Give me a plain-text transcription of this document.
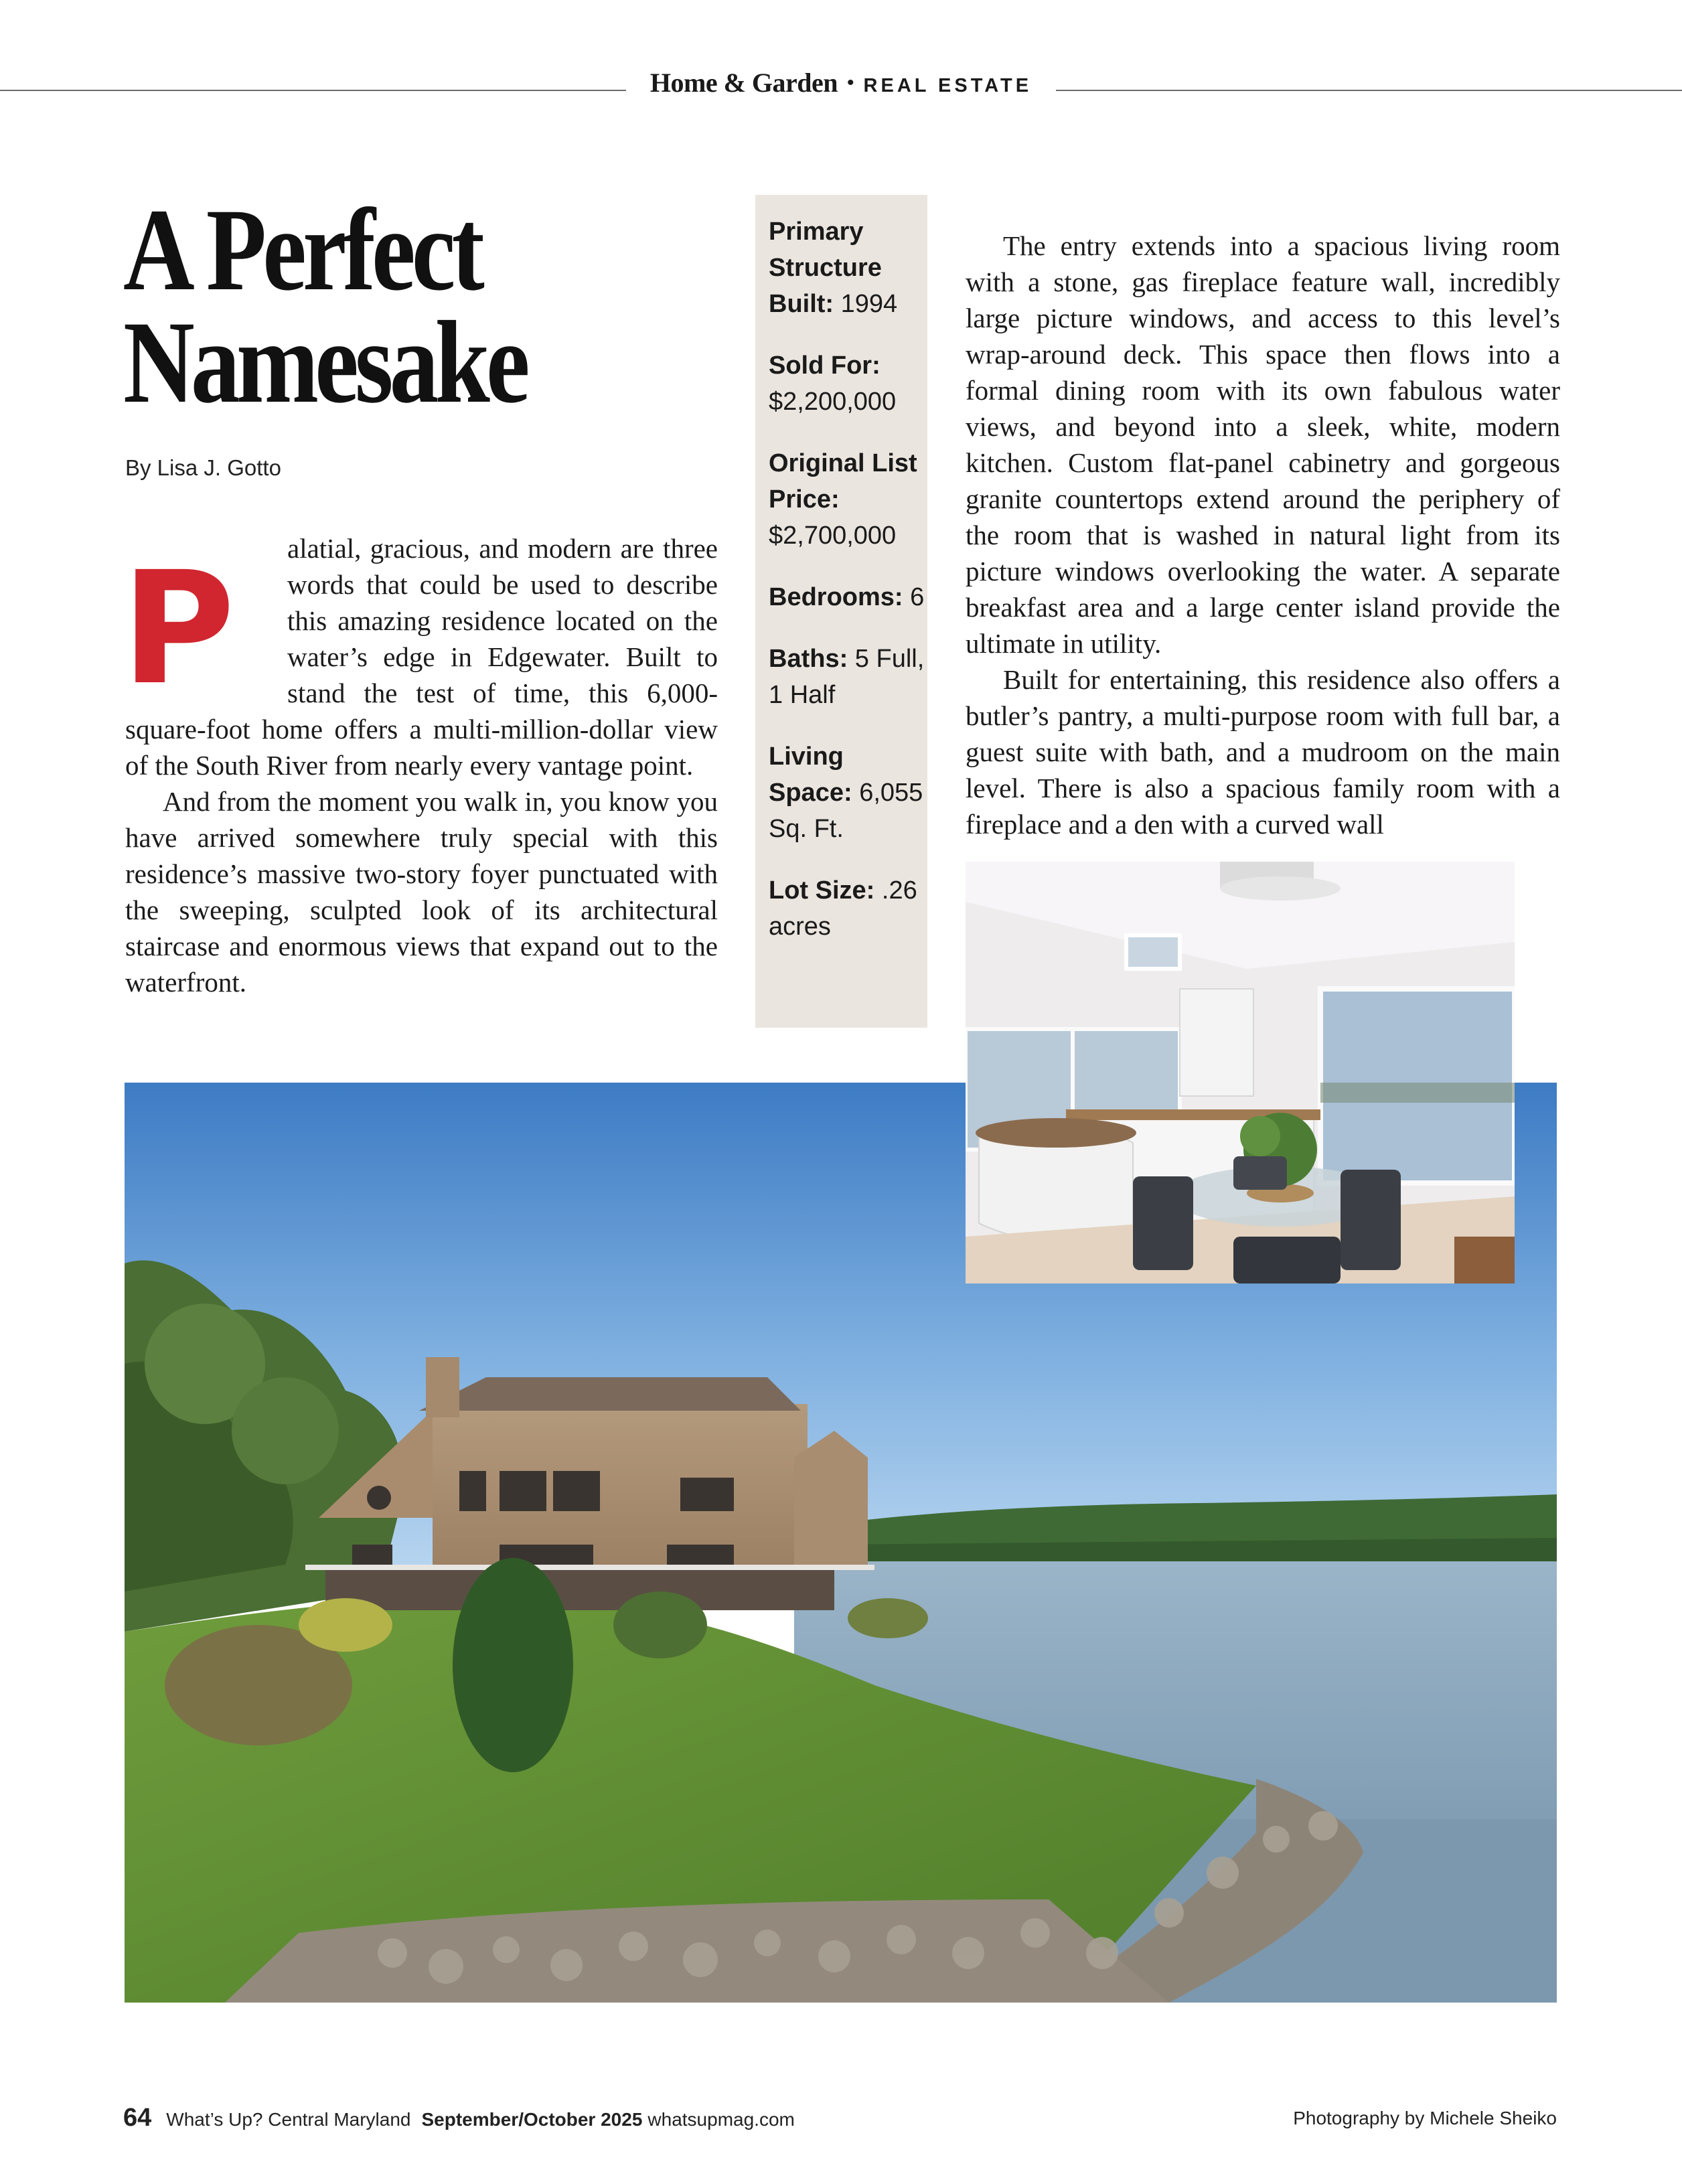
Home & Garden • REAL ESTATE
A Perfect
Namesake
By Lisa J. Gotto

P	alatial, gracious, and modern are three words that could be used to describe this amazing residence located on the water’s edge in Edgewater. Built to stand the test of time, this 6,000-square-foot home offers a multi-million-dollar view of the South River from nearly every vantage point.

And from the moment you walk in, you know you have arrived somewhere truly special with this residence’s massive two-story foyer punctuated with the sweeping, sculpted look of its architectural staircase and enormous views that expand out to the waterfront.

Primary Structure Built: 1994
Sold For: $2,200,000
Original List Price: $2,700,000
Bedrooms: 6
Baths: 5 Full, 1 Half
Living Space: 6,055 Sq. Ft.
Lot Size: .26 acres

The entry extends into a spacious living room with a stone, gas fireplace feature wall, incredibly large picture windows, and access to this level’s wrap-around deck. This space then flows into a formal dining room with its own fabulous water views, and beyond into a sleek, white, modern kitchen. Custom flat-panel cabinetry and gorgeous granite countertops extend around the periphery of the room that is washed in natural light from its picture windows overlooking the water. A separate breakfast area and a large center island provide the ultimate in utility.

Built for entertaining, this residence also offers a butler’s pantry, a multi-purpose room with full bar, a guest suite with bath, and a mudroom on the main level. There is also a spacious family room with a fireplace and a den with a curved wall

64 What’s Up? Central Maryland September/October 2025 whatsupmag.com	Photography by Michele Sheiko
